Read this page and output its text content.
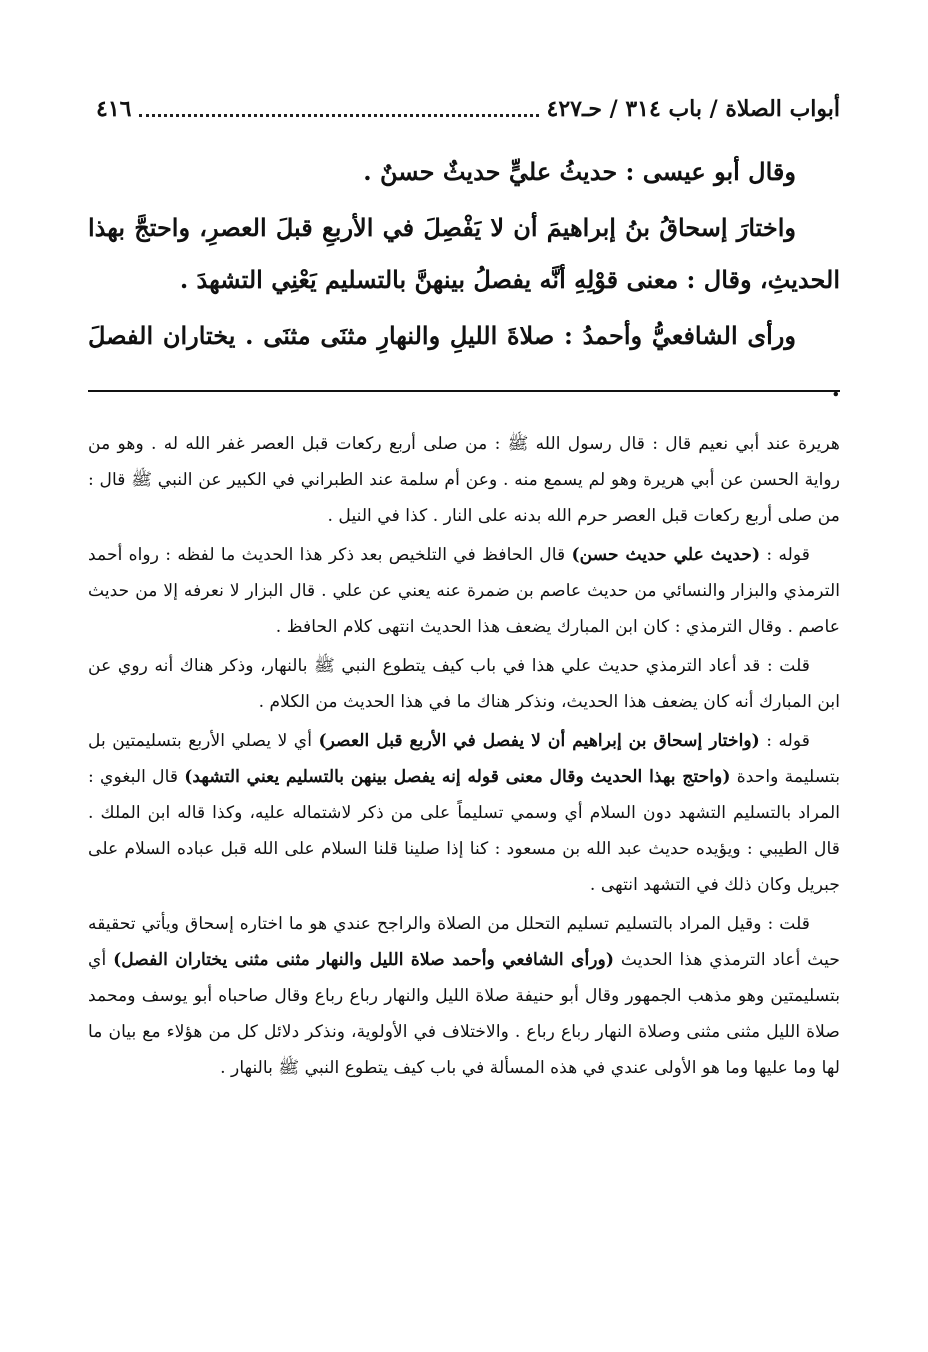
أبواب الصلاة / باب ٣١٤ / حـ٤٢٧
٤١٦

وقال أبو عيسى : حديثُ عليٍّ حديثٌ حسنٌ .

واختارَ إسحاقُ بنُ إبراهيمَ أن لا يَفْصِلَ في الأربعِ قبلَ العصرِ، واحتجَّ بهذا الحديثِ، وقال : معنى قوْلِهِ أنَّه يفصلُ بينهنَّ بالتسليم يَعْنِي التشهدَ .

ورأى الشافعيُّ وأحمدُ : صلاةَ الليلِ والنهارِ مثنَى مثنَى . يختاران الفصلَ .

هريرة عند أبي نعيم قال : قال رسول الله ﷺ : من صلى أربع ركعات قبل العصر غفر الله له . وهو من رواية الحسن عن أبي هريرة وهو لم يسمع منه . وعن أم سلمة عند الطبراني في الكبير عن النبي ﷺ قال : من صلى أربع ركعات قبل العصر حرم الله بدنه على النار . كذا في النيل .

قوله : (حديث علي حديث حسن) قال الحافظ في التلخيص بعد ذكر هذا الحديث ما لفظه : رواه أحمد الترمذي والبزار والنسائي من حديث عاصم بن ضمرة عنه يعني عن علي . قال البزار لا نعرفه إلا من حديث عاصم . وقال الترمذي : كان ابن المبارك يضعف هذا الحديث انتهى كلام الحافظ .

قلت : قد أعاد الترمذي حديث علي هذا في باب كيف يتطوع النبي ﷺ بالنهار، وذكر هناك أنه روي عن ابن المبارك أنه كان يضعف هذا الحديث، ونذكر هناك ما في هذا الحديث من الكلام .

قوله : (واختار إسحاق بن إبراهيم أن لا يفصل في الأربع قبل العصر) أي لا يصلي الأربع بتسليمتين بل بتسليمة واحدة (واحتج بهذا الحديث وقال معنى قوله إنه يفصل بينهن بالتسليم يعني التشهد) قال البغوي : المراد بالتسليم التشهد دون السلام أي وسمي تسليماً على من ذكر لاشتماله عليه، وكذا قاله ابن الملك . قال الطيبي : ويؤيده حديث عبد الله بن مسعود : كنا إذا صلينا قلنا السلام على الله قبل عباده السلام على جبريل وكان ذلك في التشهد انتهى .

قلت : وقيل المراد بالتسليم تسليم التحلل من الصلاة والراجح عندي هو ما اختاره إسحاق ويأتي تحقيقه حيث أعاد الترمذي هذا الحديث (ورأى الشافعي وأحمد صلاة الليل والنهار مثنى مثنى يختاران الفصل) أي بتسليمتين وهو مذهب الجمهور وقال أبو حنيفة صلاة الليل والنهار رباع رباع وقال صاحباه أبو يوسف ومحمد صلاة الليل مثنى مثنى وصلاة النهار رباع رباع . والاختلاف في الأولوية، ونذكر دلائل كل من هؤلاء مع بيان ما لها وما عليها وما هو الأولى عندي في هذه المسألة في باب كيف يتطوع النبي ﷺ بالنهار .
